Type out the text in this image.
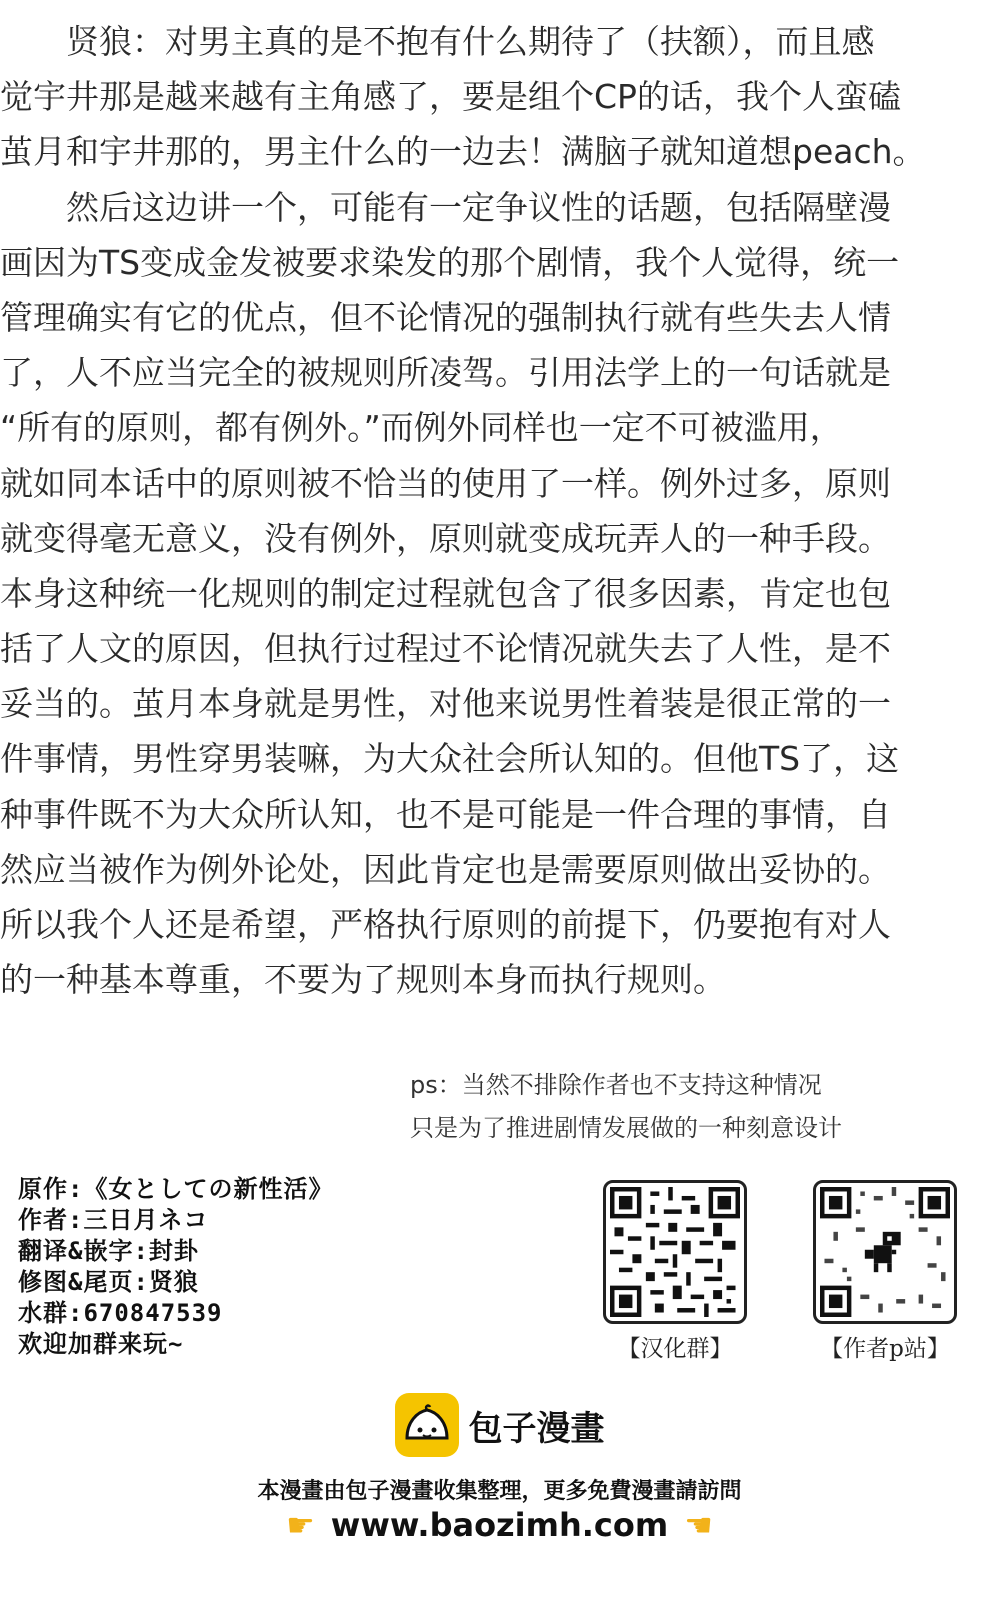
　　贤狼：对男主真的是不抱有什么期待了（扶额），而且感
觉宇井那是越来越有主角感了，要是组个CP的话，我个人蛮磕
茧月和宇井那的，男主什么的一边去！满脑子就知道想peach。
　　然后这边讲一个，可能有一定争议性的话题，包括隔壁漫
画因为TS变成金发被要求染发的那个剧情，我个人觉得，统一
管理确实有它的优点，但不论情况的强制执行就有些失去人情
了，人不应当完全的被规则所凌驾。引用法学上的一句话就是
“所有的原则，都有例外。”而例外同样也一定不可被滥用，
就如同本话中的原则被不恰当的使用了一样。例外过多，原则
就变得毫无意义，没有例外，原则就变成玩弄人的一种手段。
本身这种统一化规则的制定过程就包含了很多因素，肯定也包
括了人文的原因，但执行过程过不论情况就失去了人性，是不
妥当的。茧月本身就是男性，对他来说男性着装是很正常的一
件事情，男性穿男装嘛，为大众社会所认知的。但他TS了，这
种事件既不为大众所认知，也不是可能是一件合理的事情，自
然应当被作为例外论处，因此肯定也是需要原则做出妥协的。
所以我个人还是希望，严格执行原则的前提下，仍要抱有对人
的一种基本尊重，不要为了规则本身而执行规则。
ps：当然不排除作者也不支持这种情况
只是为了推进剧情发展做的一种刻意设计
原作:《女としての新性活》
作者:三日月ネコ
翻译&嵌字:封卦
修图&尾页:贤狼
水群:670847539
欢迎加群来玩~	【汉化群】	【作者p站】
包子漫畫
本漫畫由包子漫畫收集整理，更多免費漫畫請訪問
☛ www.baozimh.com ☚
